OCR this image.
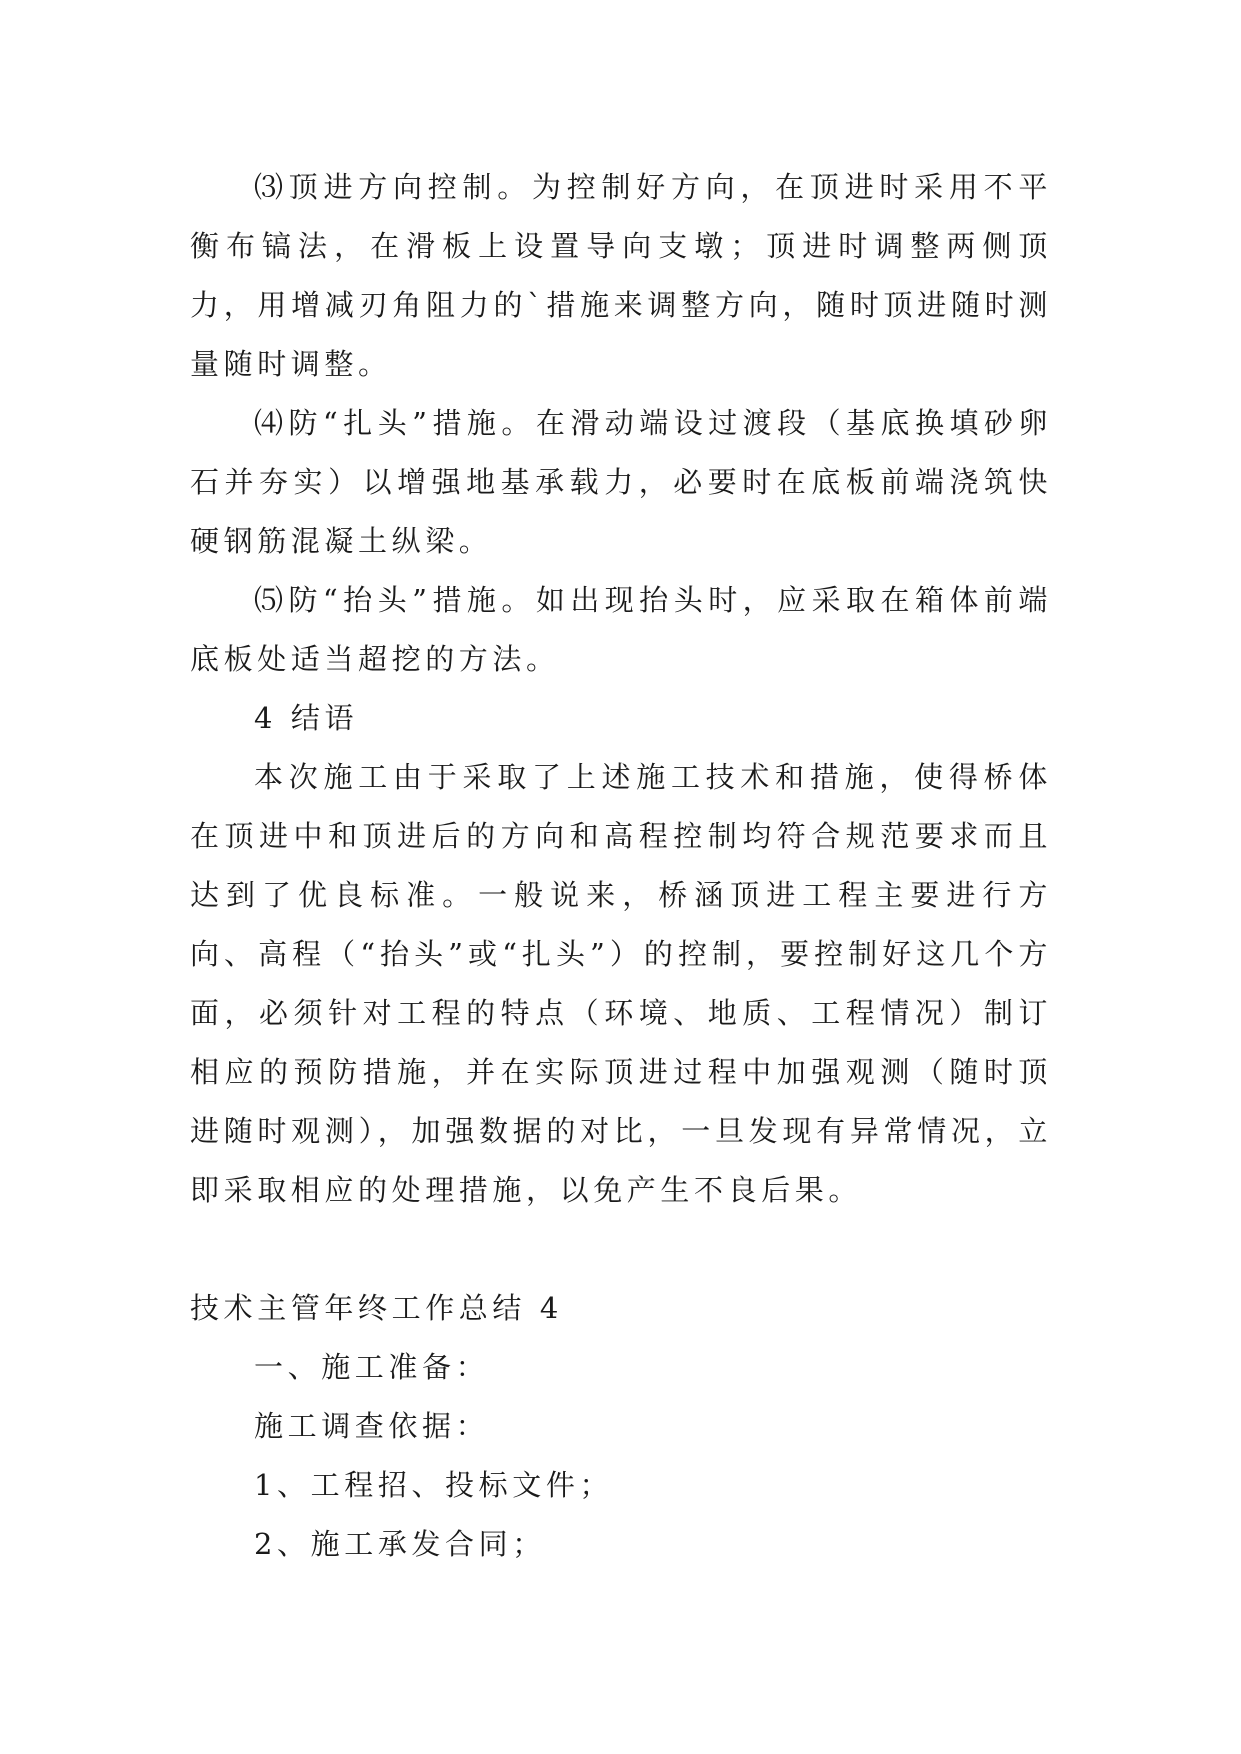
⑶顶进方向控制。为控制好方向，在顶进时采用不平衡布镐法，在滑板上设置导向支墩；顶进时调整两侧顶力，用增减刃角阻力的`措施来调整方向，随时顶进随时测量随时调整。

⑷防“扎头”措施。在滑动端设过渡段（基底换填砂卵石并夯实）以增强地基承载力，必要时在底板前端浇筑快硬钢筋混凝土纵梁。

⑸防“抬头”措施。如出现抬头时，应采取在箱体前端底板处适当超挖的方法。

4 结语

本次施工由于采取了上述施工技术和措施，使得桥体在顶进中和顶进后的方向和高程控制均符合规范要求而且达到了优良标准。一般说来，桥涵顶进工程主要进行方向、高程（“抬头”或“扎头”）的控制，要控制好这几个方面，必须针对工程的特点（环境、地质、工程情况）制订相应的预防措施，并在实际顶进过程中加强观测（随时顶进随时观测），加强数据的对比，一旦发现有异常情况，立即采取相应的处理措施，以免产生不良后果。

技术主管年终工作总结 4

一、施工准备：

施工调查依据：

1、工程招、投标文件；

2、施工承发合同；
